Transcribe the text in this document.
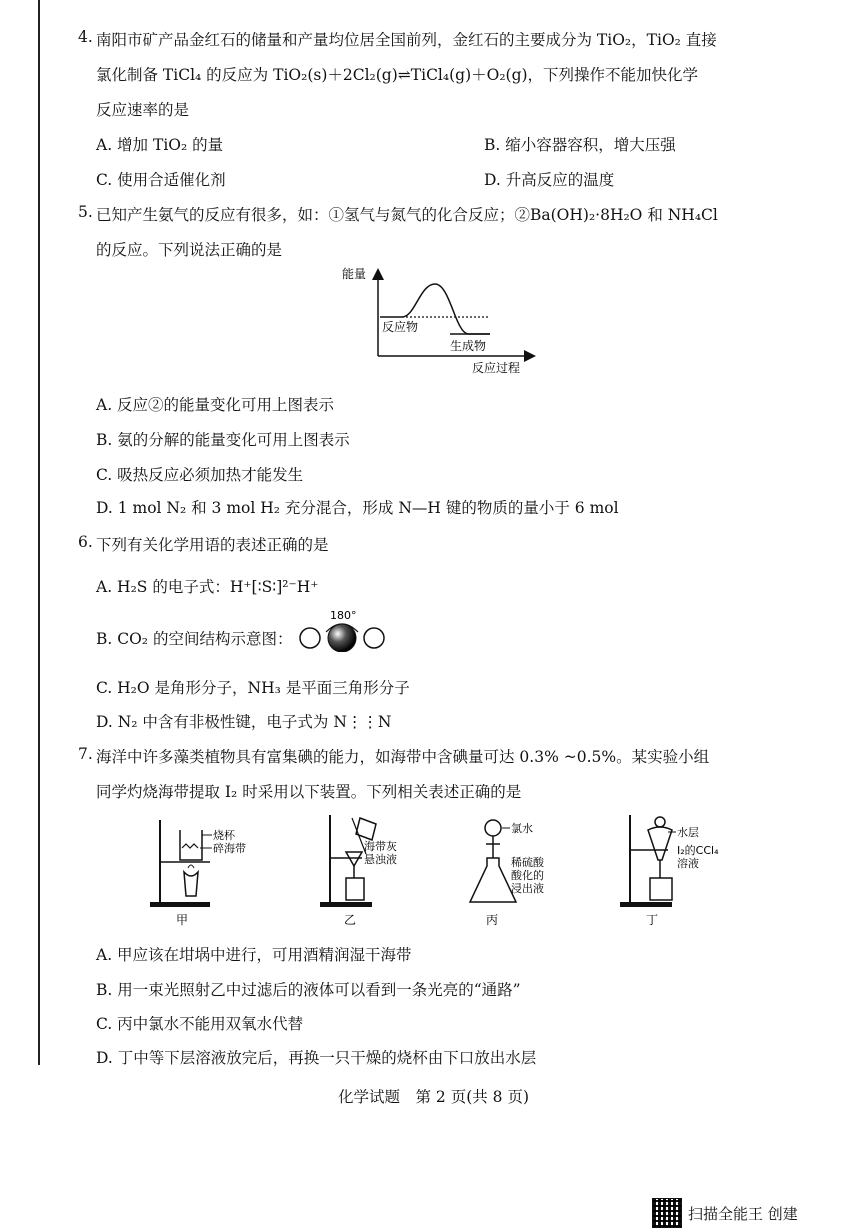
4. 南阳市矿产品金红石的储量和产量均位居全国前列，金红石的主要成分为 TiO₂，TiO₂ 直接
氯化制备 TiCl₄ 的反应为 TiO₂(s)＋2Cl₂(g)⇌TiCl₄(g)＋O₂(g)，下列操作不能加快化学
反应速率的是
A. 增加 TiO₂ 的量	B. 缩小容器容积，增大压强
C. 使用合适催化剂	D. 升高反应的温度
5. 已知产生氨气的反应有很多，如：①氢气与氮气的化合反应；②Ba(OH)₂·8H₂O 和 NH₄Cl
的反应。下列说法正确的是
能量
反应物
生成物
反应过程
A. 反应②的能量变化可用上图表示
B. 氨的分解的能量变化可用上图表示
C. 吸热反应必须加热才能发生
D. 1 mol N₂ 和 3 mol H₂ 充分混合，形成 N—H 键的物质的量小于 6 mol
6. 下列有关化学用语的表述正确的是
A. H₂S 的电子式：H⁺[∶S∶]²⁻H⁺
B. CO₂ 的空间结构示意图：
180°
C. H₂O 是角形分子，NH₃ 是平面三角形分子
D. N₂ 中含有非极性键，电子式为 N⋮⋮N
7. 海洋中许多藻类植物具有富集碘的能力，如海带中含碘量可达 0.3% ~0.5%。某实验小组
同学灼烧海带提取 I₂ 时采用以下装置。下列相关表述正确的是
烧杯
碎海带
甲
海带灰
悬浊液
乙
氯水
稀硫酸
酸化的
浸出液
丙
水层
I₂的CCl₄
溶液
丁
A. 甲应该在坩埚中进行，可用酒精润湿干海带
B. 用一束光照射乙中过滤后的液体可以看到一条光亮的“通路”
C. 丙中氯水不能用双氧水代替
D. 丁中等下层溶液放完后，再换一只干燥的烧杯由下口放出水层
化学试题　第 2 页(共 8 页)
扫描全能王 创建
